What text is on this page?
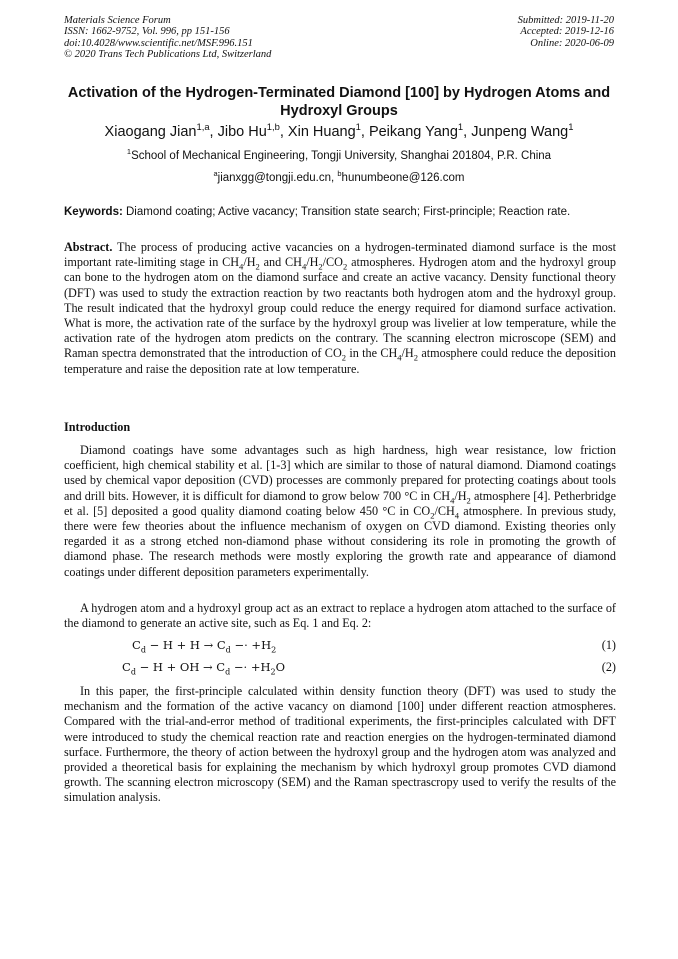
Materials Science Forum
ISSN: 1662-9752, Vol. 996, pp 151-156
doi:10.4028/www.scientific.net/MSF.996.151
© 2020 Trans Tech Publications Ltd, Switzerland
Submitted: 2019-11-20
Accepted: 2019-12-16
Online: 2020-06-09
Activation of the Hydrogen-Terminated Diamond [100] by Hydrogen Atoms and Hydroxyl Groups
Xiaogang Jian$^{1,a}$, Jibo Hu$^{1,b}$, Xin Huang$^1$, Peikang Yang$^1$, Junpeng Wang$^1$
$^1$School of Mechanical Engineering, Tongji University, Shanghai 201804, P.R. China
$^a$jianxgg@tongji.edu.cn, $^b$hunumbeone@126.com
Keywords: Diamond coating; Active vacancy; Transition state search; First-principle; Reaction rate.
Abstract. The process of producing active vacancies on a hydrogen-terminated diamond surface is the most important rate-limiting stage in $CH_4/H_2$ and $CH_4/H_2/CO_2$ atmospheres. Hydrogen atom and the hydroxyl group can bone to the hydrogen atom on the diamond surface and create an active vacancy. Density functional theory (DFT) was used to study the extraction reaction by two reactants both hydrogen atom and the hydroxyl group. The result indicated that the hydroxyl group could reduce the energy required for diamond surface activation. What is more, the activation rate of the surface by the hydroxyl group was livelier at low temperature, while the activation rate of the hydrogen atom predicts on the contrary. The scanning electron microscope (SEM) and Raman spectra demonstrated that the introduction of $CO_2$ in the $CH_4/H_2$ atmosphere could reduce the deposition temperature and raise the deposition rate at low temperature.
Introduction
Diamond coatings have some advantages such as high hardness, high wear resistance, low friction coefficient, high chemical stability et al. [1-3] which are similar to those of natural diamond. Diamond coatings used by chemical vapor deposition (CVD) processes are commonly prepared for protecting coatings about tools and drill bits. However, it is difficult for diamond to grow below 700 °C in $CH_4/H_2$ atmosphere [4]. Petherbridge et al. [5] deposited a good quality diamond coating below 450 °C in $CO_2/CH_4$ atmosphere. In previous study, there were few theories about the influence mechanism of oxygen on CVD diamond. Existing theories only regarded it as a strong etched non-diamond phase without considering its role in promoting the growth of diamond phase. The research methods were mostly exploring the growth rate and appearance of diamond coatings under different deposition parameters experimentally.
A hydrogen atom and a hydroxyl group act as an extract to replace a hydrogen atom attached to the surface of the diamond to generate an active site, such as Eq. 1 and Eq. 2:
$C_d - H + H \to C_d -\cdot +H_2$	(1)
$C_d - H$ + OH → $C_d -\cdot +H_2O$	(2)
In this paper, the first-principle calculated within density function theory (DFT) was used to study the mechanism and the formation of the active vacancy on diamond [100] under different reaction atmospheres. Compared with the trial-and-error method of traditional experiments, the first-principles calculated with DFT were introduced to study the chemical reaction rate and reaction energies on the hydrogen-terminated diamond surface. Furthermore, the theory of action between the hydroxyl group and the hydrogen atom was analyzed and provided a theoretical basis for explaining the mechanism by which hydroxyl group promotes CVD diamond growth. The scanning electron microscopy (SEM) and the Raman spectrascropy used to verify the results of the simulation analysis.
